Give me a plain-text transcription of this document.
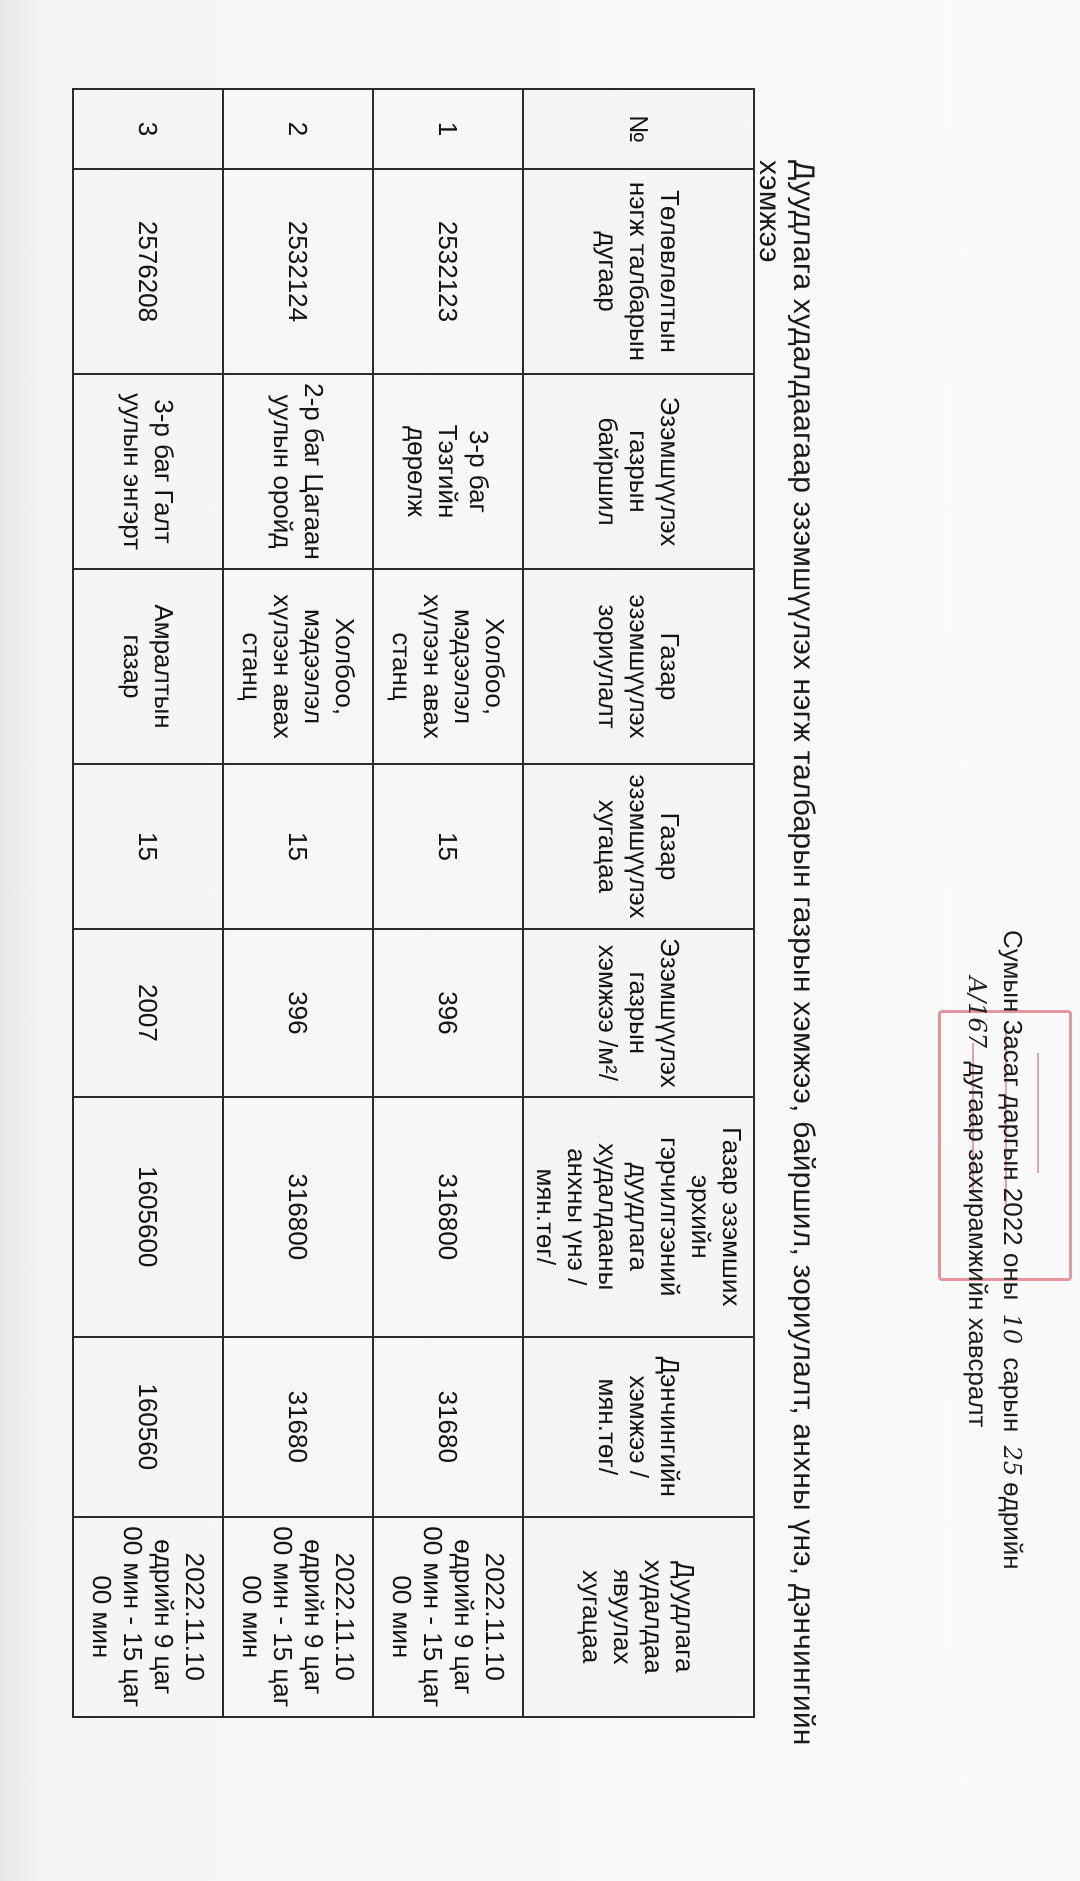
Сумын Засаг даргын 2022 оны 10 сарын 25өдрийн
А/167 дугаар захирамжийн хавсралт
Дуудлага худалдаагаар эзэмшүүлэх нэгж талбарын газрын хэмжээ, байршил, зориулалт, анхны үнэ, дэнчингийн хэмжээ
№	Төлөвлөлтын нэгж талбарын дугаар	Эзэмшүүлэх газрын байршил	Газар эзэмшүүлэх зориулалт	Газар эзэмшүүлэх хугацаа	Эзэмшүүлэх газрын хэмжээ /м²/	Газар эзэмших эрхийн гэрчилгээний дуудлага худалдааны анхны үнэ /мян.төг/	Дэнчингийн хэмжээ /мян.төг/	Дуудлага худалдаа явуулах хугацаа
1	2532123	3-р баг Тэзгийн дөрөлж	Холбоо, мэдээлэл хүлээн авах станц	15	396	316800	31680	2022.11.10 өдрийн 9 цаг 00 мин - 15 цаг 00 мин
2	2532124	2-р баг Цагаан уулын оройд	Холбоо, мэдээлэл хүлээн авах станц	15	396	316800	31680	2022.11.10 өдрийн 9 цаг 00 мин - 15 цаг 00 мин
3	2576208	3-р баг Галт уулын энгэрт	Амралтын газар	15	2007	1605600	160560	2022.11.10 өдрийн 9 цаг 00 мин - 15 цаг 00 мин
